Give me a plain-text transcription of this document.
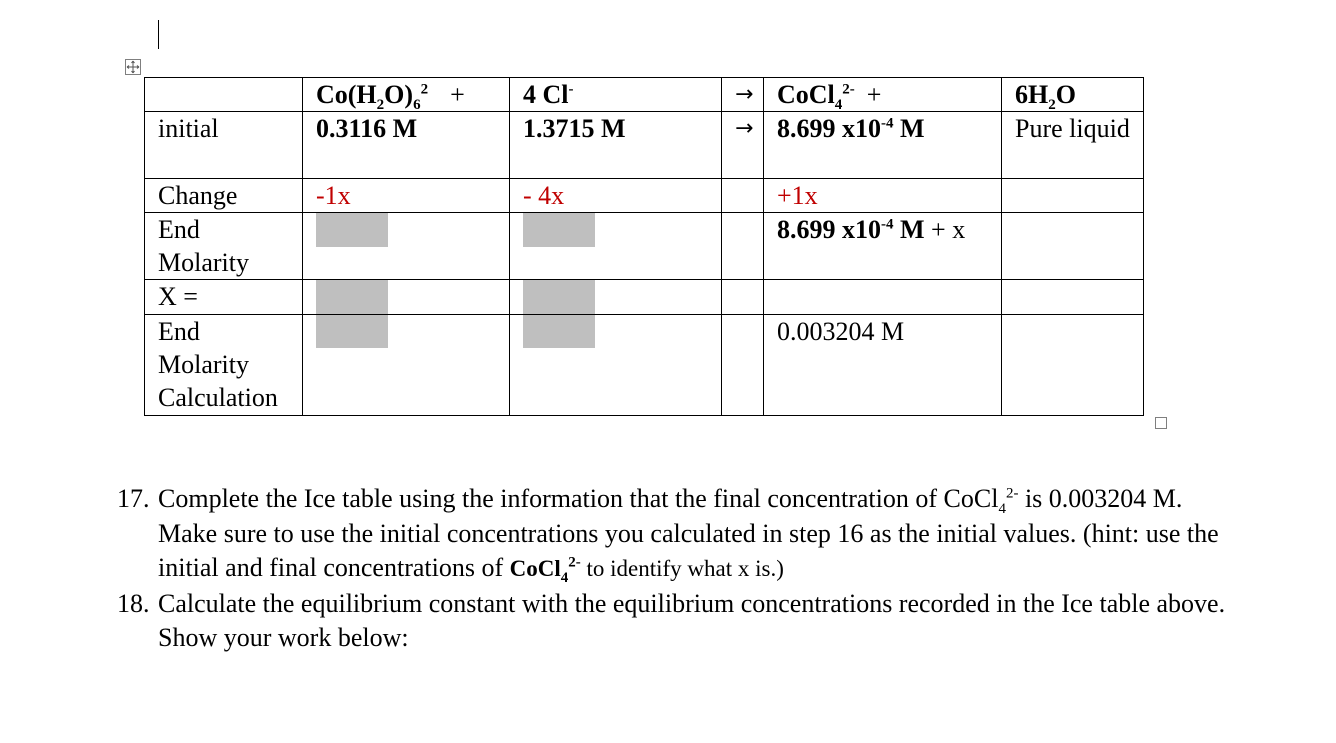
	$Co(H_2O)_6^2$ +	4 Cl-	→	CoCl$_4^{2-}$ +	$6H_2O$
initial	0.3116 M	1.3715 M	→	8.699 $x10^{-4}$ M	Pure liquid
Change	-1x	- 4x		+1x	
End Molarity				8.699 $x10^{-4}$ M + x	
X =	

End Molarity Calculation				0.003204 M	
17. Complete the Ice table using the information that the final concentration of CoCl$_4^{2-}$ is 0.003204 M. Make sure to use the initial concentrations you calculated in step 16 as the initial values. (hint: use the initial and final concentrations of CoCl$_4^{2-}$ to identify what x is.)
18. Calculate the equilibrium constant with the equilibrium concentrations recorded in the Ice table above. Show your work below:
